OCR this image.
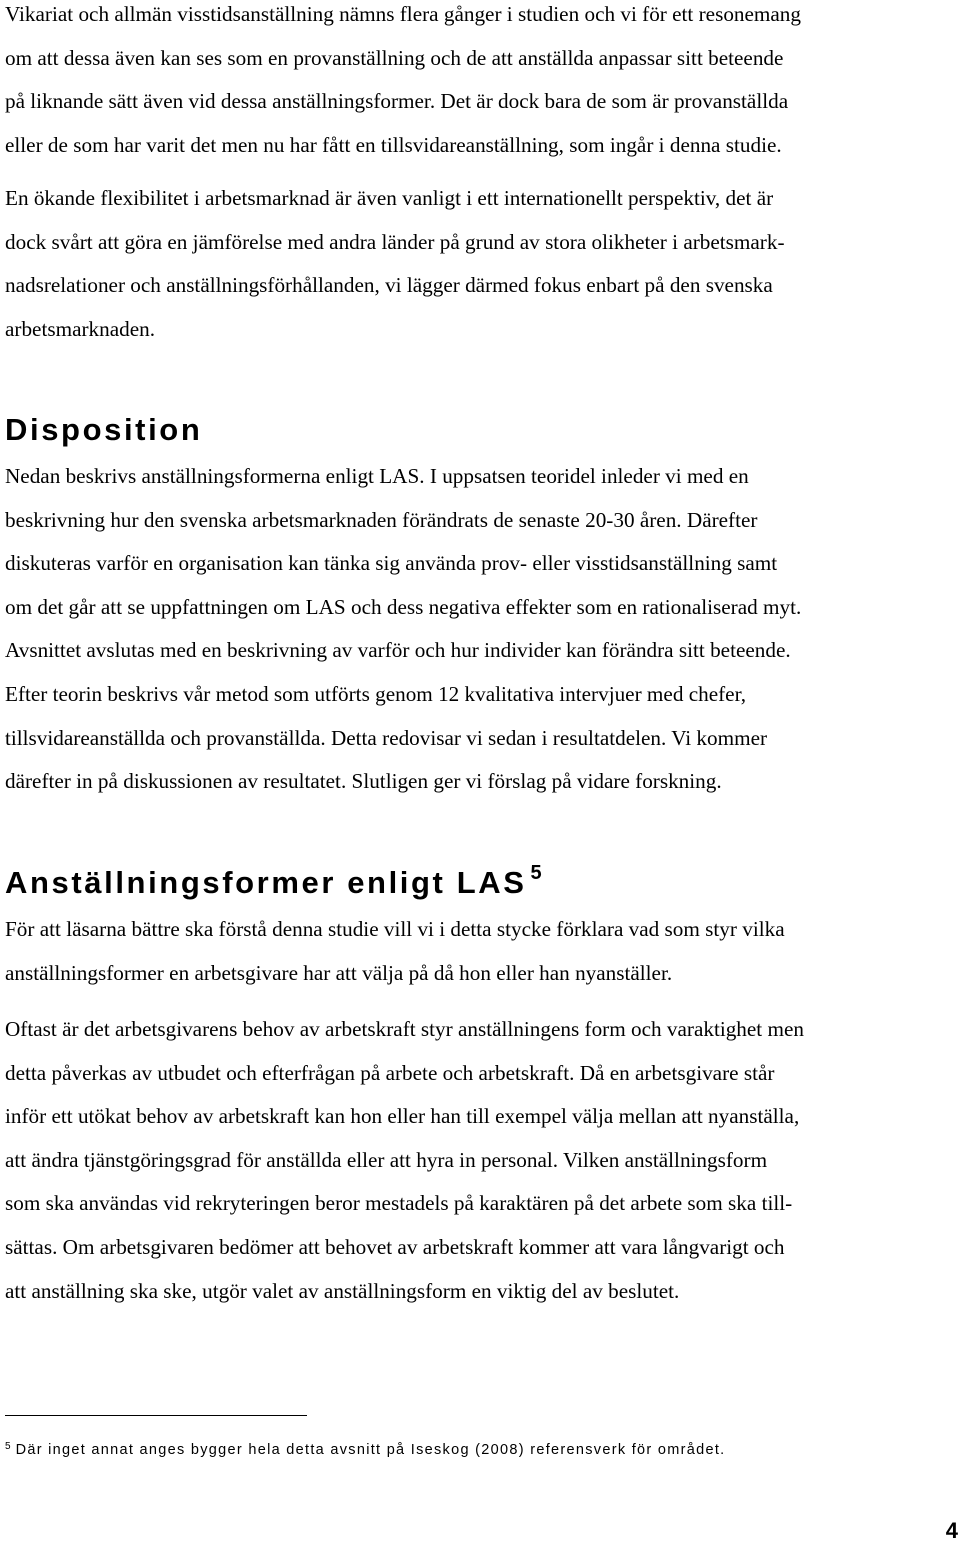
Vikariat och allmän visstidsanställning nämns flera gånger i studien och vi för ett resonemang
om att dessa även kan ses som en provanställning och de att anställda anpassar sitt beteende
på liknande sätt även vid dessa anställningsformer. Det är dock bara de som är provanställda
eller de som har varit det men nu har fått en tillsvidareanställning, som ingår i denna studie.
En ökande flexibilitet i arbetsmarknad är även vanligt i ett internationellt perspektiv, det är
dock svårt att göra en jämförelse med andra länder på grund av stora olikheter i arbetsmark-
nadsrelationer och anställningsförhållanden, vi lägger därmed fokus enbart på den svenska
arbetsmarknaden.
Disposition
Nedan beskrivs anställningsformerna enligt LAS. I uppsatsen teoridel inleder vi med en
beskrivning hur den svenska arbetsmarknaden förändrats de senaste 20-30 åren. Därefter
diskuteras varför en organisation kan tänka sig använda prov- eller visstidsanställning samt
om det går att se uppfattningen om LAS och dess negativa effekter som en rationaliserad myt.
Avsnittet avslutas med en beskrivning av varför och hur individer kan förändra sitt beteende.
Efter teorin beskrivs vår metod som utförts genom 12 kvalitativa intervjuer med chefer,
tillsvidareanställda och provanställda. Detta redovisar vi sedan i resultatdelen. Vi kommer
därefter in på diskussionen av resultatet. Slutligen ger vi förslag på vidare forskning.
Anställningsformer enligt LAS $^5$
För att läsarna bättre ska förstå denna studie vill vi i detta stycke förklara vad som styr vilka
anställningsformer en arbetsgivare har att välja på då hon eller han nyanställer.
Oftast är det arbetsgivarens behov av arbetskraft styr anställningens form och varaktighet men
detta påverkas av utbudet och efterfrågan på arbete och arbetskraft. Då en arbetsgivare står
inför ett utökat behov av arbetskraft kan hon eller han till exempel välja mellan att nyanställa,
att ändra tjänstgöringsgrad för anställda eller att hyra in personal. Vilken anställningsform
som ska användas vid rekryteringen beror mestadels på karaktären på det arbete som ska till-
sättas. Om arbetsgivaren bedömer att behovet av arbetskraft kommer att vara långvarigt och
att anställning ska ske, utgör valet av anställningsform en viktig del av beslutet.
$^5$ Där inget annat anges bygger hela detta avsnitt på Iseskog (2008) referensverk för området.
4
